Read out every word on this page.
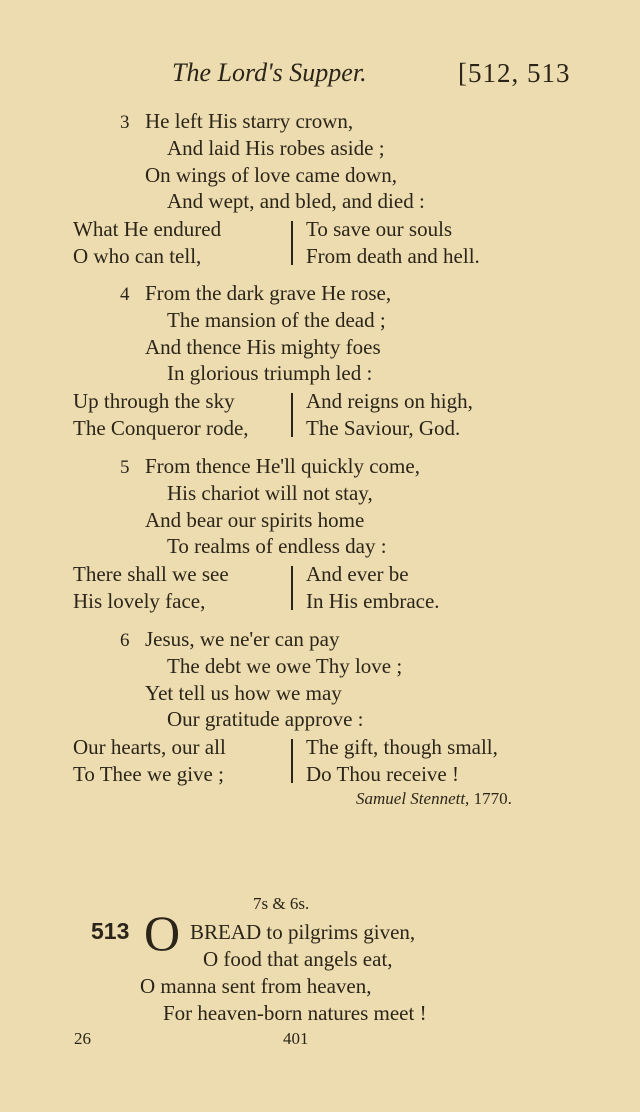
The Lord's Supper.	[512, 513
3 He left His starry crown,
And laid His robes aside ;
On wings of love came down,
And wept, and bled, and died :
What He endured	To save our souls
O who can tell,	From death and hell.
4 From the dark grave He rose,
The mansion of the dead ;
And thence His mighty foes
In glorious triumph led :
Up through the sky	And reigns on high,
The Conqueror rode,	The Saviour, God.
5 From thence He'll quickly come,
His chariot will not stay,
And bear our spirits home
To realms of endless day :
There shall we see	And ever be
His lovely face,	In His embrace.
6 Jesus, we ne'er can pay
The debt we owe Thy love ;
Yet tell us how we may
Our gratitude approve :
Our hearts, our all	The gift, though small,
To Thee we give ;	Do Thou receive !
Samuel Stennett, 1770.
7s & 6s.
513 O BREAD to pilgrims given,
O food that angels eat,
O manna sent from heaven,
For heaven-born natures meet !
26	401
